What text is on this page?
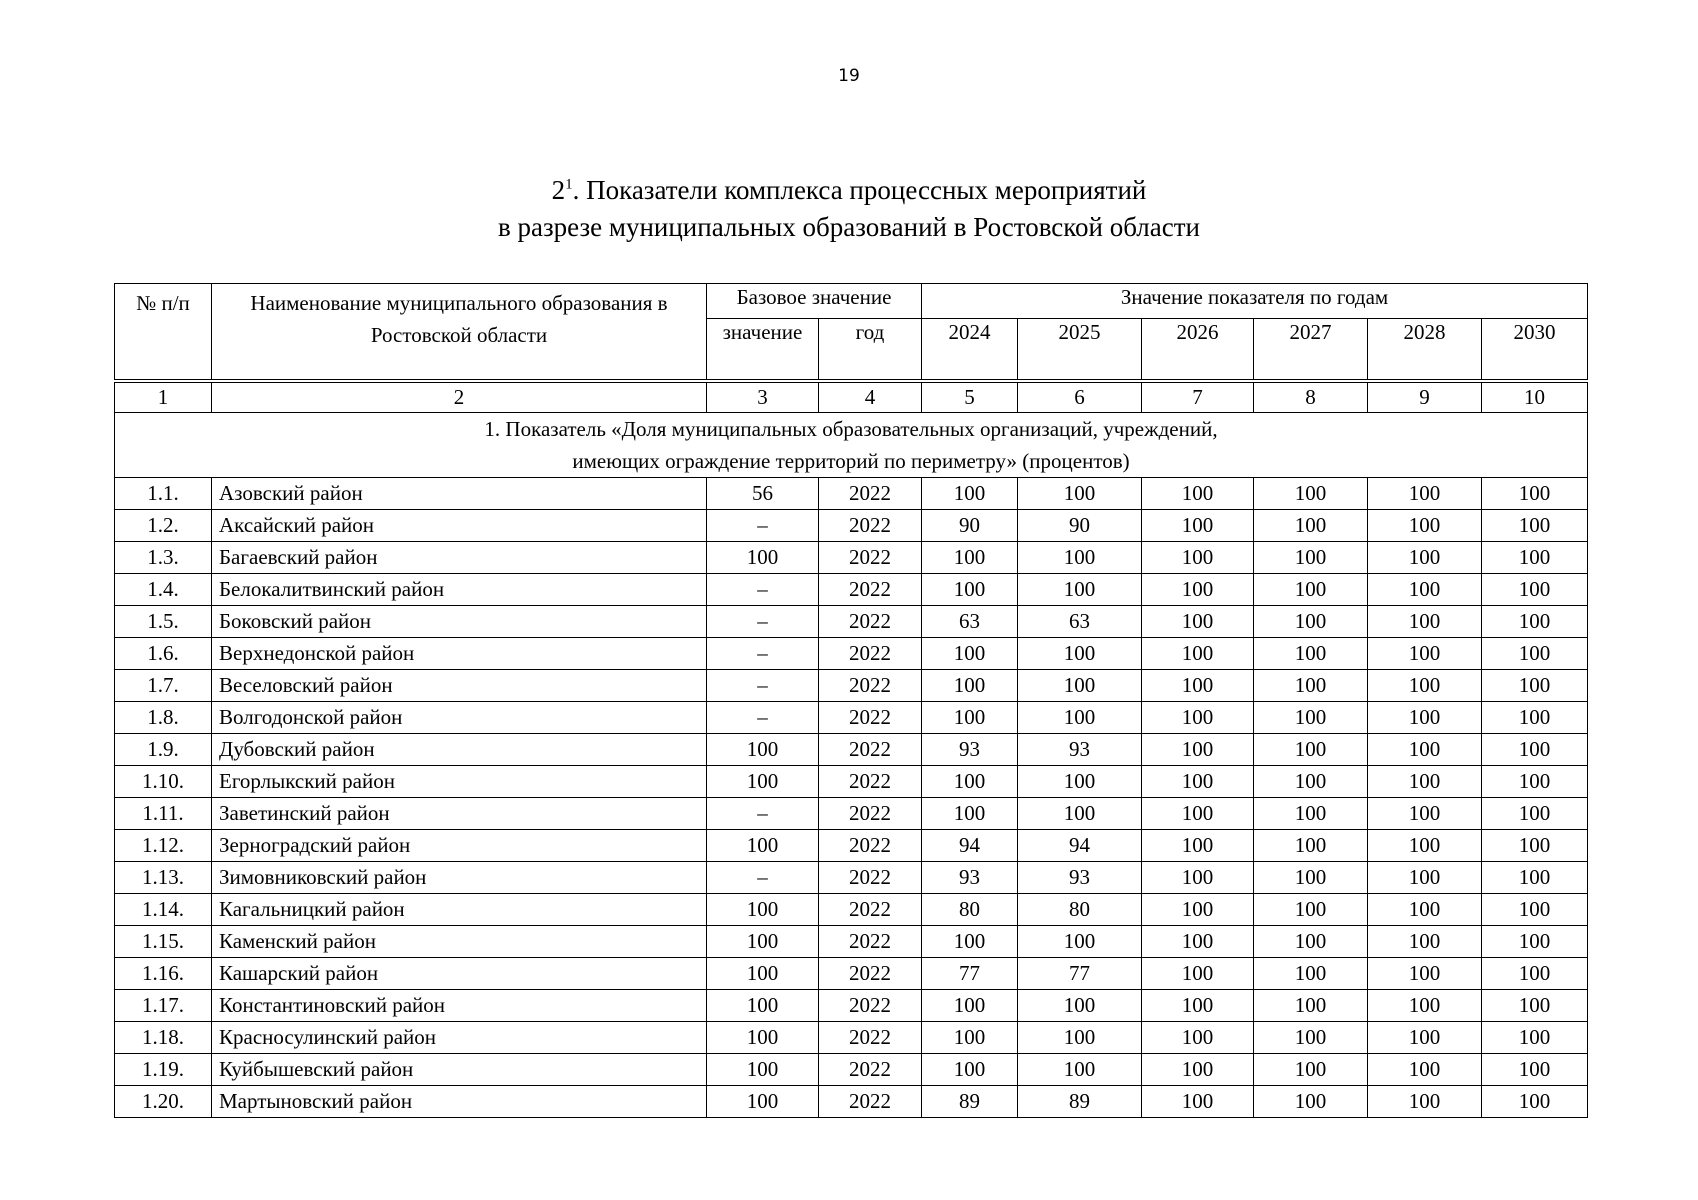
19
$2^1$. Показатели комплекса процессных мероприятий
в разрезе муниципальных образований в Ростовской области
№ п/п	Наименование муниципального образования в Ростовской области	Базовое значение		Значение показателя по годам					
		значение	год	2024	2025	2026	2027	2028	2030
1	2	3	4	5	6	7	8	9	10

1. Показатель «Доля муниципальных образовательных организаций, учреждений, имеющих ограждение территорий по периметру» (процентов)									

1.1.	Азовский район	56	2022	100	100	100	100	100	100
1.2.	Аксайский район	–	2022	90	90	100	100	100	100
1.3.	Багаевский район	100	2022	100	100	100	100	100	100
1.4.	Белокалитвинский район	–	2022	100	100	100	100	100	100
1.5.	Боковский район	–	2022	63	63	100	100	100	100
1.6.	Верхнедонской район	–	2022	100	100	100	100	100	100
1.7.	Веселовский район	–	2022	100	100	100	100	100	100
1.8.	Волгодонской район	–	2022	100	100	100	100	100	100
1.9.	Дубовский район	100	2022	93	93	100	100	100	100
1.10.	Егорлыкский район	100	2022	100	100	100	100	100	100
1.11.	Заветинский район	–	2022	100	100	100	100	100	100
1.12.	Зерноградский район	100	2022	94	94	100	100	100	100
1.13.	Зимовниковский район	–	2022	93	93	100	100	100	100
1.14.	Кагальницкий район	100	2022	80	80	100	100	100	100
1.15.	Каменский район	100	2022	100	100	100	100	100	100
1.16.	Кашарский район	100	2022	77	77	100	100	100	100
1.17.	Константиновский район	100	2022	100	100	100	100	100	100
1.18.	Красносулинский район	100	2022	100	100	100	100	100	100
1.19.	Куйбышевский район	100	2022	100	100	100	100	100	100
1.20.	Мартыновский район	100	2022	89	89	100	100	100	100
